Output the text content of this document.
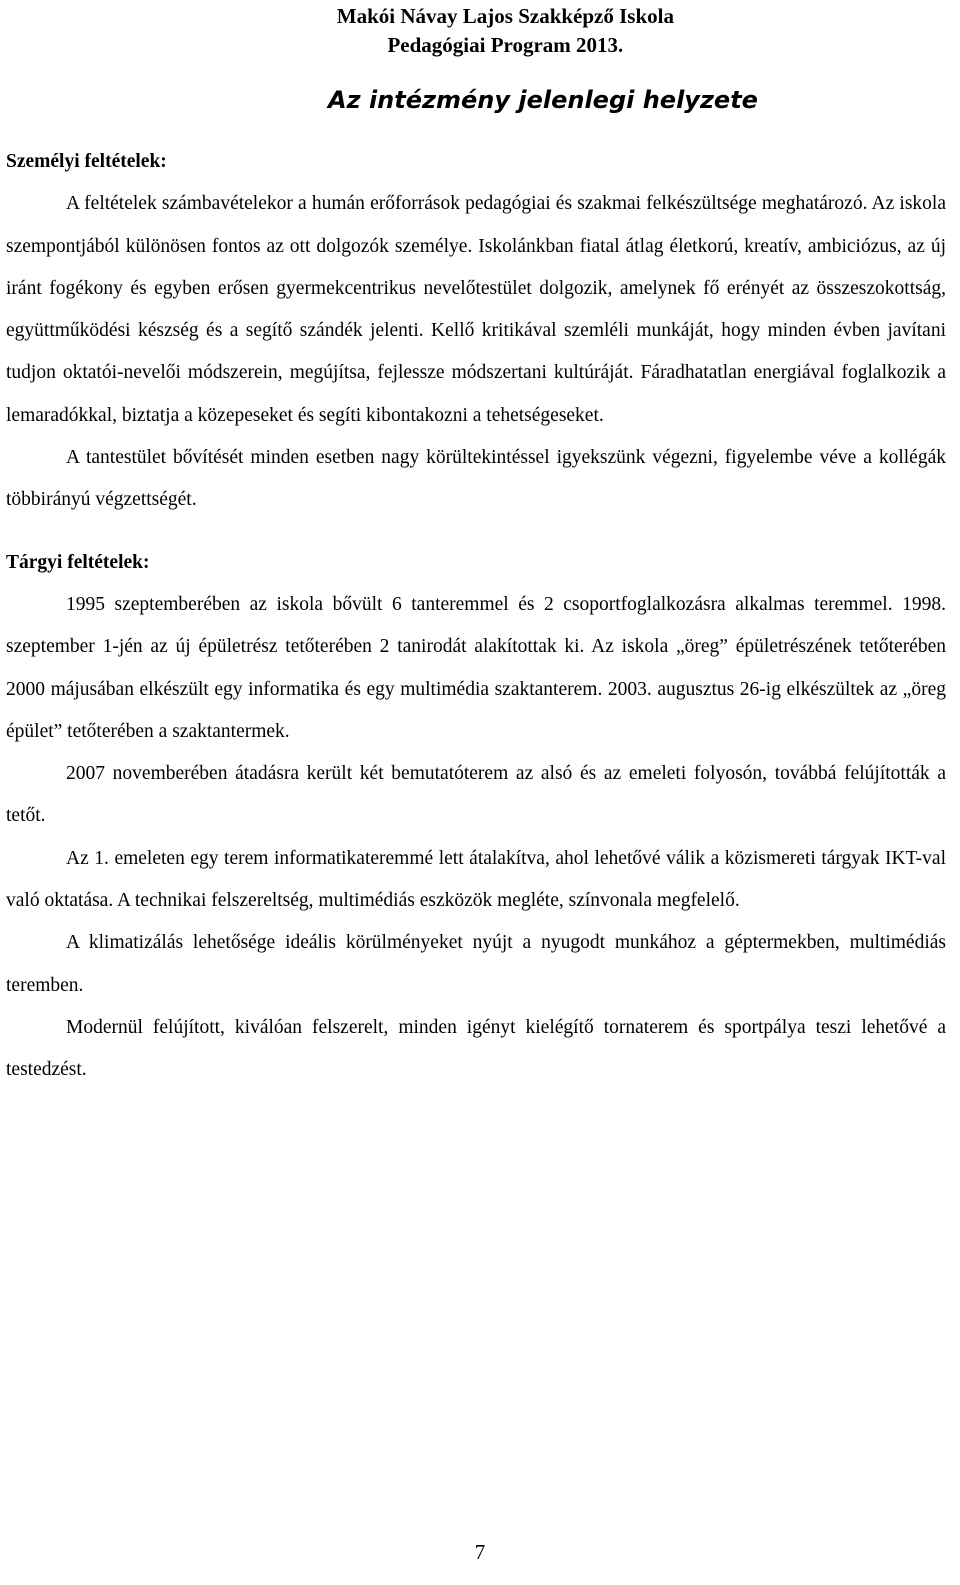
Makói Návay Lajos Szakképző Iskola
Pedagógiai Program 2013.
Az intézmény jelenlegi helyzete

Személyi feltételek:

A feltételek számbavételekor a humán erőforrások pedagógiai és szakmai felkészültsége meghatározó. Az iskola szempontjából különösen fontos az ott dolgozók személye. Iskolánkban fiatal átlag életkorú, kreatív, ambiciózus, az új iránt fogékony és egyben erősen gyermekcentrikus nevelőtestület dolgozik, amelynek fő erényét az összeszokottság, együttműködési készség és a segítő szándék jelenti. Kellő kritikával szemléli munkáját, hogy minden évben javítani tudjon oktatói-nevelői módszerein, megújítsa, fejlessze módszertani kultúráját. Fáradhatatlan energiával foglalkozik a lemaradókkal, biztatja a közepeseket és segíti kibontakozni a tehetségeseket.

A tantestület bővítését minden esetben nagy körültekintéssel igyekszünk végezni, figyelembe véve a kollégák többirányú végzettségét.

Tárgyi feltételek:

1995 szeptemberében az iskola bővült 6 tanteremmel és 2 csoportfoglalkozásra alkalmas teremmel. 1998. szeptember 1-jén az új épületrész tetőterében 2 tanirodát alakítottak ki. Az iskola „öreg” épületrészének tetőterében 2000 májusában elkészült egy informatika és egy multimédia szaktanterem. 2003. augusztus 26-ig elkészültek az „öreg épület” tetőterében a szaktantermek.

2007 novemberében átadásra került két bemutatóterem az alsó és az emeleti folyosón, továbbá felújították a tetőt.

Az 1. emeleten egy terem informatikateremmé lett átalakítva, ahol lehetővé válik a közismereti tárgyak IKT-val való oktatása. A technikai felszereltség, multimédiás eszközök megléte, színvonala megfelelő.

A klimatizálás lehetősége ideális körülményeket nyújt a nyugodt munkához a géptermekben, multimédiás teremben.

Modernül felújított, kiválóan felszerelt, minden igényt kielégítő tornaterem és sportpálya teszi lehetővé a testedzést.

7
